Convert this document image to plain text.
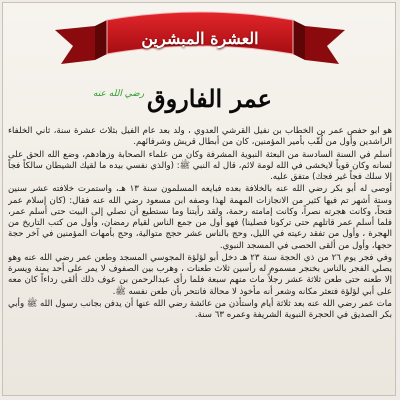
العشرة المبشرين
عمر الفاروق
رضي الله عنه

هو أبو حفص عمر بن الخطاب بن نفيل القرشي العدوي ، ولد بعد عام الفيل بثلاث عشرة سنة، ثاني الخلفاء الراشدين وأول من لُقّب بأمير المؤمنين، كان من أبطال قريش وشرفائهم.

أسلم في السنة السادسة من البعثة النبوية المشرفة وكان من علماء الصحابة وزهادهم، وضع الله الحق على لسانه وكان قوياً لايخشى في الله لومة لائم، قال له النبي ﷺ: (والذي نفسي بيده ما لقيك الشيطان سالكاً فجاً إلا سلك فجاً غير فجك) متفق عليه.

أوصى له أبو بكر رضي الله عنه بالخلافة بعده فبايعه المسلمون سنة ١٣ هـ، واستمرت خلافته عشر سنين وستة أشهر تم فيها كثير من الانجازات المهمة لهذا وصفه ابن مسعود رضي الله عنه فقال: (كان إسلام عمر فتحاً، وكانت هجرته نصراً، وكانت إمامته رحمة، ولقد رأيتنا وما نستطيع أن نصلي إلى البيت حتى أسلم عمر، فلما أسلم عمر قاتلهم حتى تركونا فصلينا) فهو أول من جمع الناس لقيام رمضان، وأول من كتب التاريخ من الهجرة ، وأول من تفقد رعيته في الليل، وحج بالناس عشر حجج متوالية، وحج بأمهات المؤمنين في آخر حجة حجها، وأول من ألقى الحصى في المسجد النبوي.

وفي فجر يوم ٢٦ من ذي الحجة سنة ٢٣ هـ دخل أبو لؤلؤة المجوسي المسجد وطعن عمر رضي الله عنه وهو يصلي الفجر بالناس بخنجر مسموم له رأسين ثلاث طعنات ، وهرب بين الصفوف لا يمر على أحد يمنة ويسرة إلا طعنه حتى طعن ثلاثة عشر رجلاً مات منهم سبعة فلما رأى عبدالرحمن بن عوف ذلك ألقى رداءاً كان معه على أبي لؤلؤة فتعثر مكانه وشعر أنه مأخوذ لا محالة فانتحر بأن طعن نفسه ﷺ.

مات عمر رضي الله عنه بعد ثلاثة أيام واستأذن من عائشة رضي الله عنها أن يدفن بجانب رسول الله ﷺ وأبي بكر الصديق في الحجرة النبوية الشريفة وعمره ٦٣ سنة.
